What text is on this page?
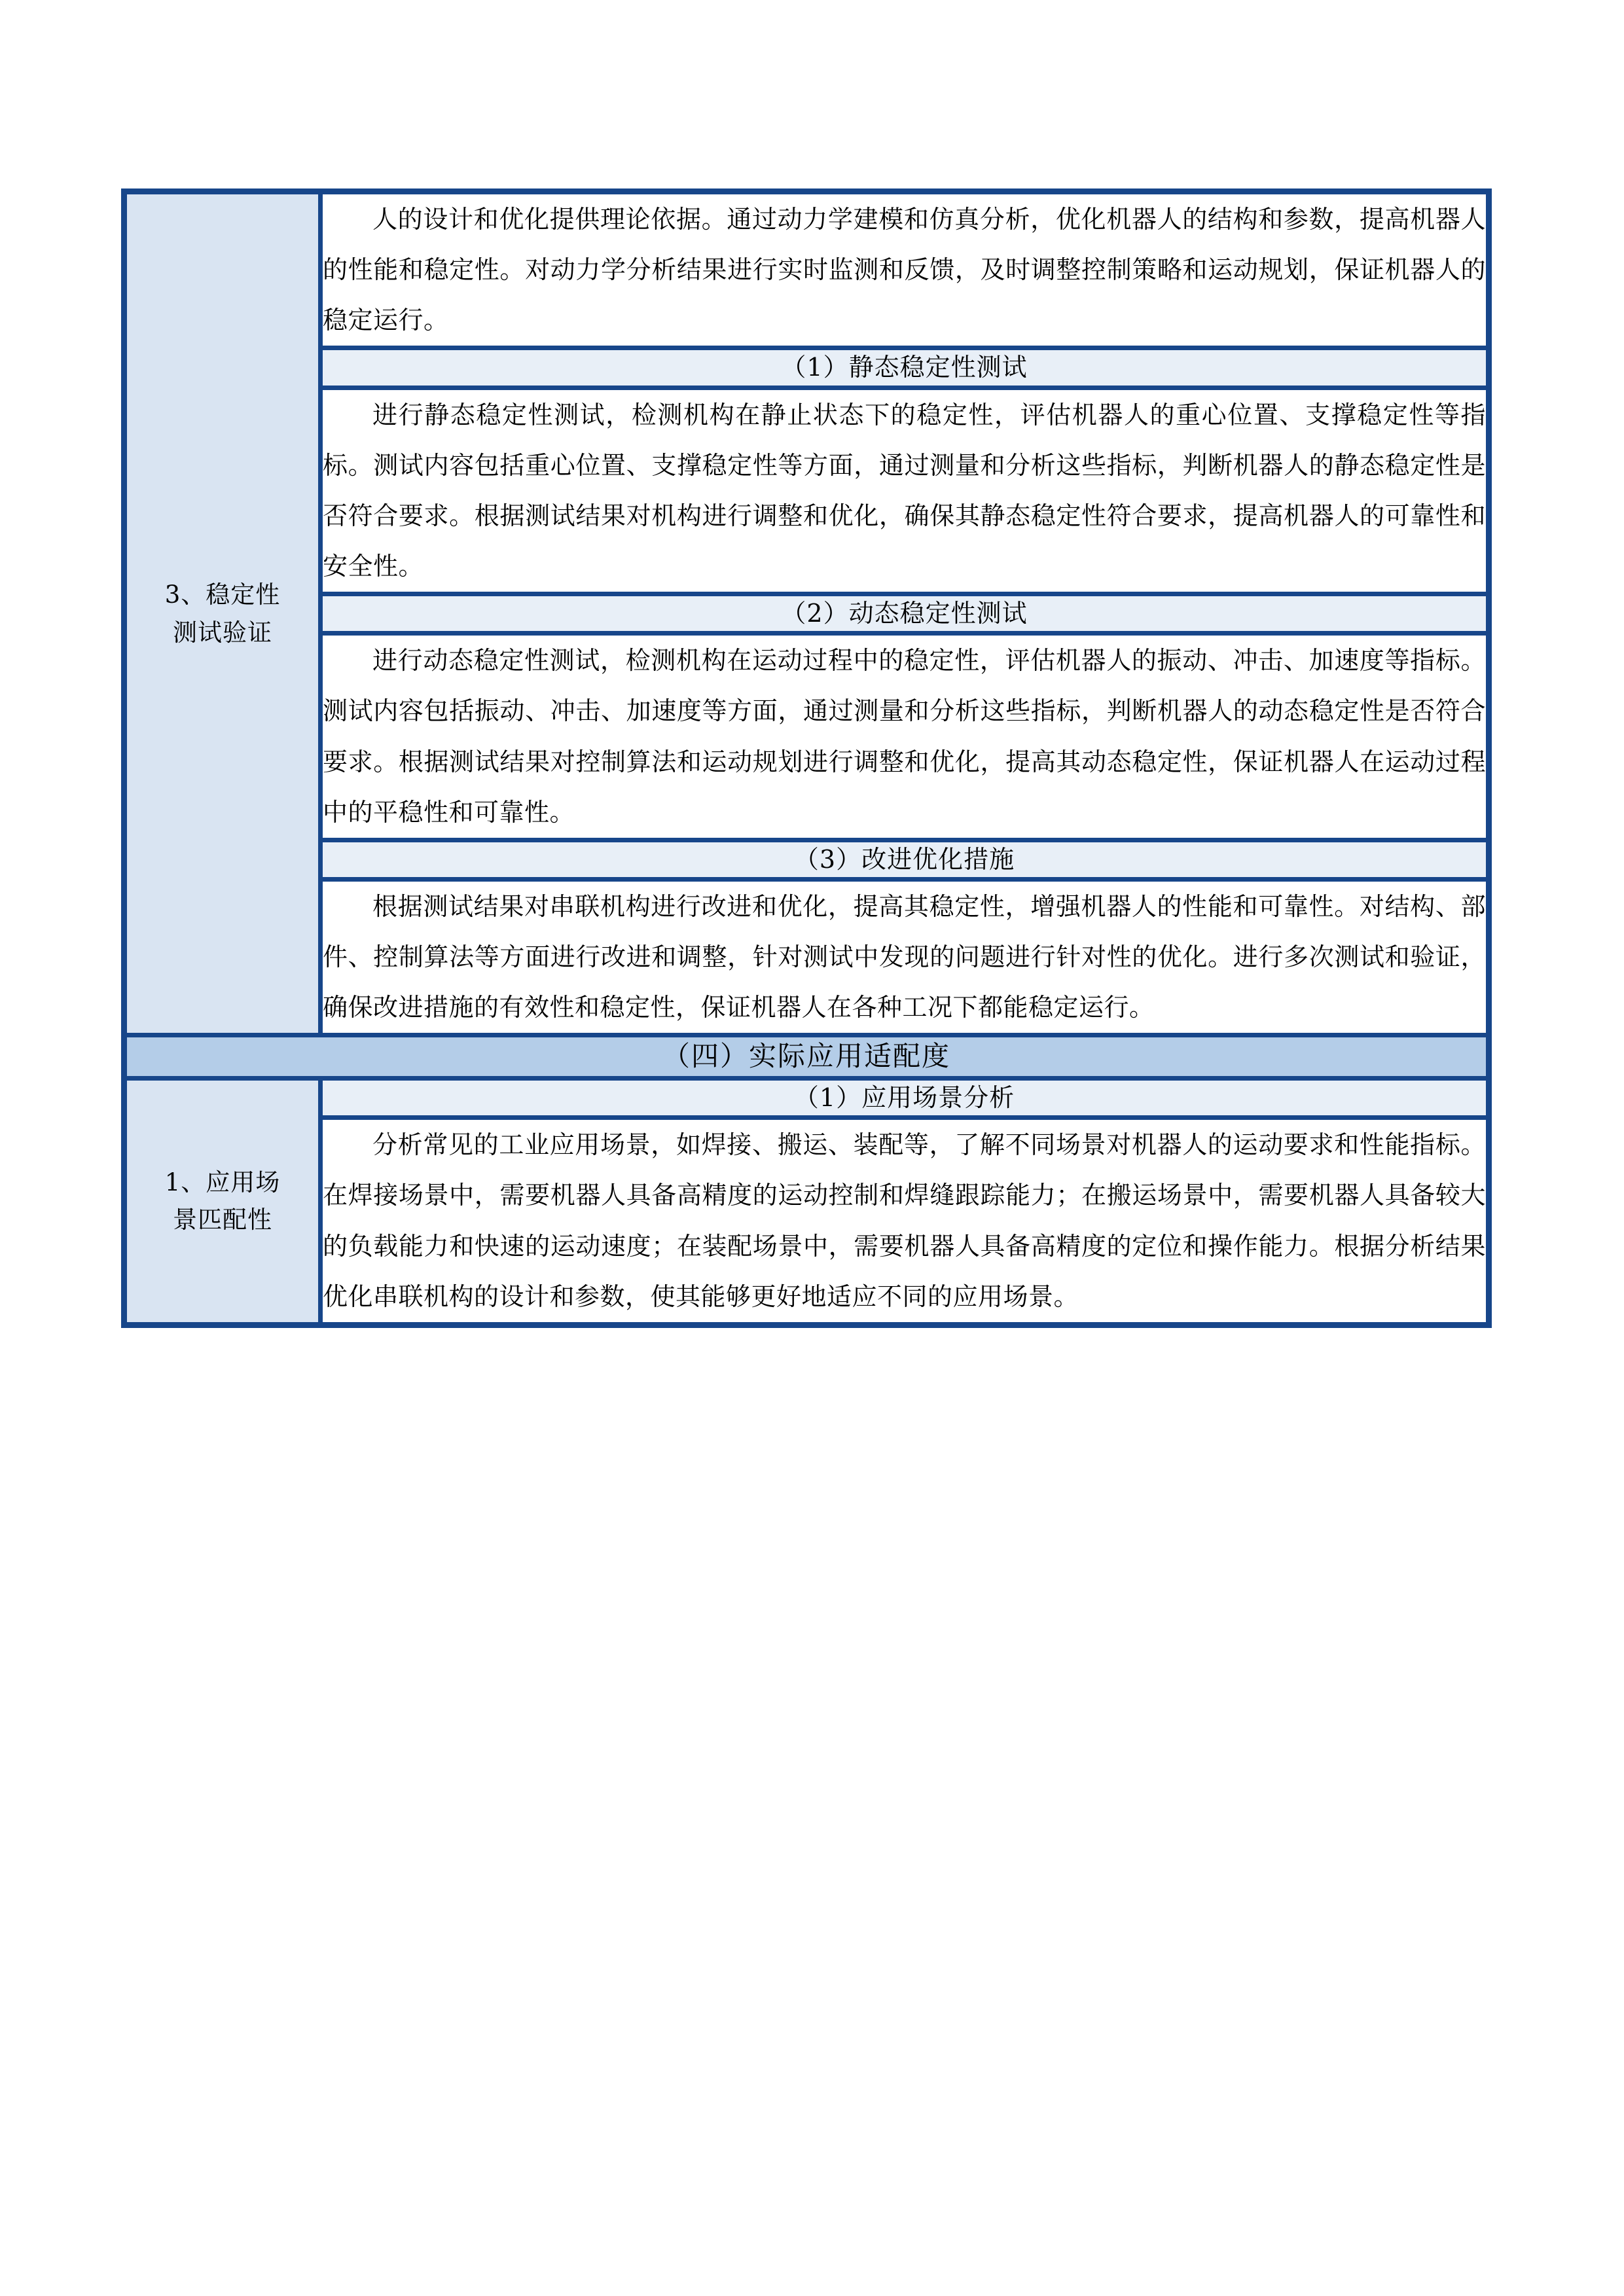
3、稳定性
测试验证	人的设计和优化提供理论依据。通过动力学建模和仿真分析，优化机器人的结构和参数，提高机器人的性能和稳定性。对动力学分析结果进行实时监测和反馈，及时调整控制策略和运动规划，保证机器人的稳定运行。

	（1）静态稳定性测试

	进行静态稳定性测试，检测机构在静止状态下的稳定性，评估机器人的重心位置、支撑稳定性等指标。测试内容包括重心位置、支撑稳定性等方面，通过测量和分析这些指标，判断机器人的静态稳定性是否符合要求。根据测试结果对机构进行调整和优化，确保其静态稳定性符合要求，提高机器人的可靠性和安全性。

	（2）动态稳定性测试

	进行动态稳定性测试，检测机构在运动过程中的稳定性，评估机器人的振动、冲击、加速度等指标。测试内容包括振动、冲击、加速度等方面，通过测量和分析这些指标，判断机器人的动态稳定性是否符合要求。根据测试结果对控制算法和运动规划进行调整和优化，提高其动态稳定性，保证机器人在运动过程中的平稳性和可靠性。

	（3）改进优化措施

	根据测试结果对串联机构进行改进和优化，提高其稳定性，增强机器人的性能和可靠性。对结构、部件、控制算法等方面进行改进和调整，针对测试中发现的问题进行针对性的优化。进行多次测试和验证，确保改进措施的有效性和稳定性，保证机器人在各种工况下都能稳定运行。

（四）实际应用适配度	

1、应用场
景匹配性	（1）应用场景分析

	分析常见的工业应用场景，如焊接、搬运、装配等，了解不同场景对机器人的运动要求和性能指标。在焊接场景中，需要机器人具备高精度的运动控制和焊缝跟踪能力；在搬运场景中，需要机器人具备较大的负载能力和快速的运动速度；在装配场景中，需要机器人具备高精度的定位和操作能力。根据分析结果优化串联机构的设计和参数，使其能够更好地适应不同的应用场景。
